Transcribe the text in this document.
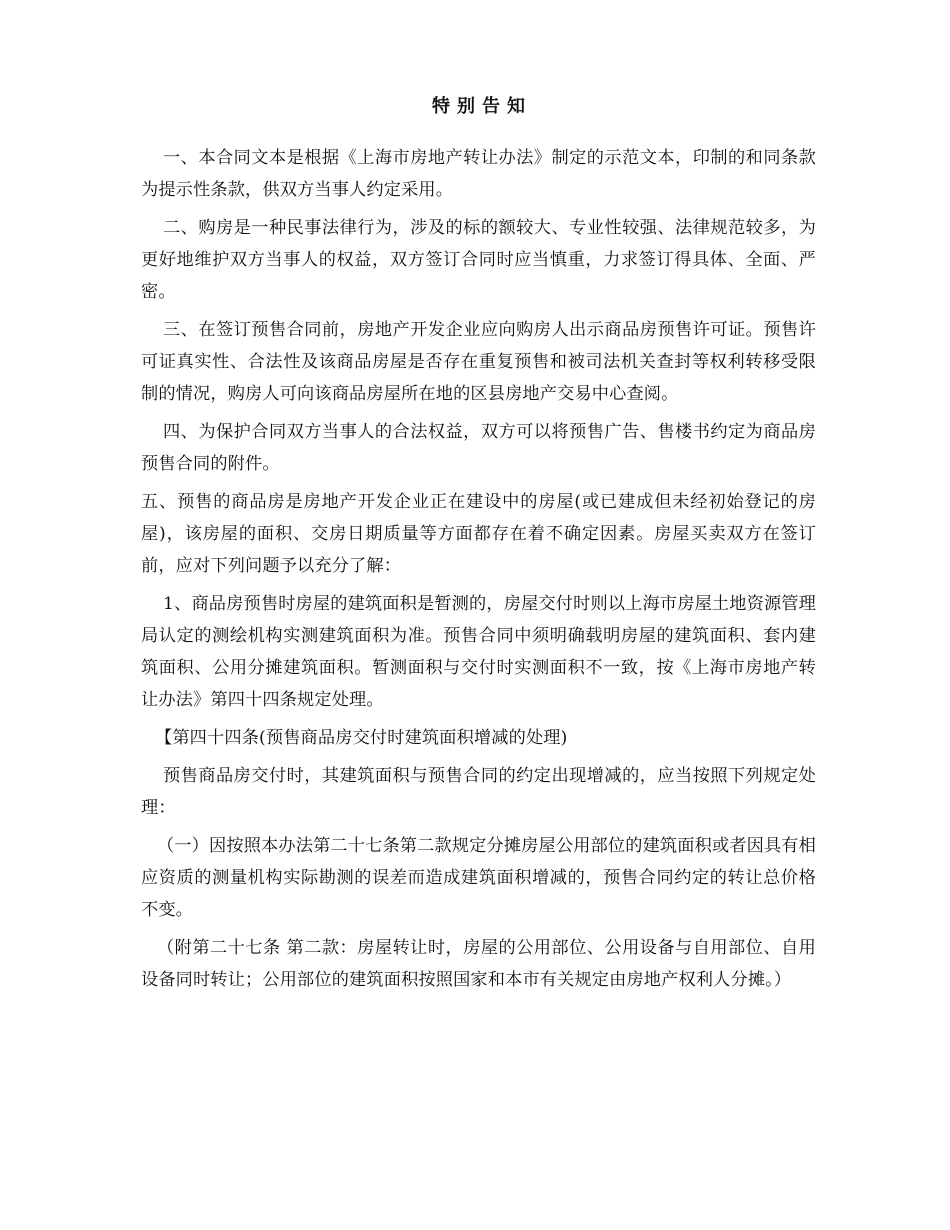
特别告知

一、本合同文本是根据《上海市房地产转让办法》制定的示范文本，印制的和同条款为提示性条款，供双方当事人约定采用。

二、购房是一种民事法律行为，涉及的标的额较大、专业性较强、法律规范较多，为更好地维护双方当事人的权益，双方签订合同时应当慎重，力求签订得具体、全面、严密。

三、在签订预售合同前，房地产开发企业应向购房人出示商品房预售许可证。预售许可证真实性、合法性及该商品房屋是否存在重复预售和被司法机关查封等权利转移受限制的情况，购房人可向该商品房屋所在地的区县房地产交易中心查阅。

四、为保护合同双方当事人的合法权益，双方可以将预售广告、售楼书约定为商品房预售合同的附件。

五、预售的商品房是房地产开发企业正在建设中的房屋(或已建成但未经初始登记的房屋)，该房屋的面积、交房日期质量等方面都存在着不确定因素。房屋买卖双方在签订前，应对下列问题予以充分了解：

1、商品房预售时房屋的建筑面积是暂测的，房屋交付时则以上海市房屋土地资源管理局认定的测绘机构实测建筑面积为准。预售合同中须明确载明房屋的建筑面积、套内建筑面积、公用分摊建筑面积。暂测面积与交付时实测面积不一致，按《上海市房地产转让办法》第四十四条规定处理。

【第四十四条(预售商品房交付时建筑面积增减的处理)

预售商品房交付时，其建筑面积与预售合同的约定出现增减的，应当按照下列规定处理：

（一）因按照本办法第二十七条第二款规定分摊房屋公用部位的建筑面积或者因具有相应资质的测量机构实际勘测的误差而造成建筑面积增减的，预售合同约定的转让总价格不变。

（附第二十七条 第二款：房屋转让时，房屋的公用部位、公用设备与自用部位、自用设备同时转让；公用部位的建筑面积按照国家和本市有关规定由房地产权利人分摊。）
